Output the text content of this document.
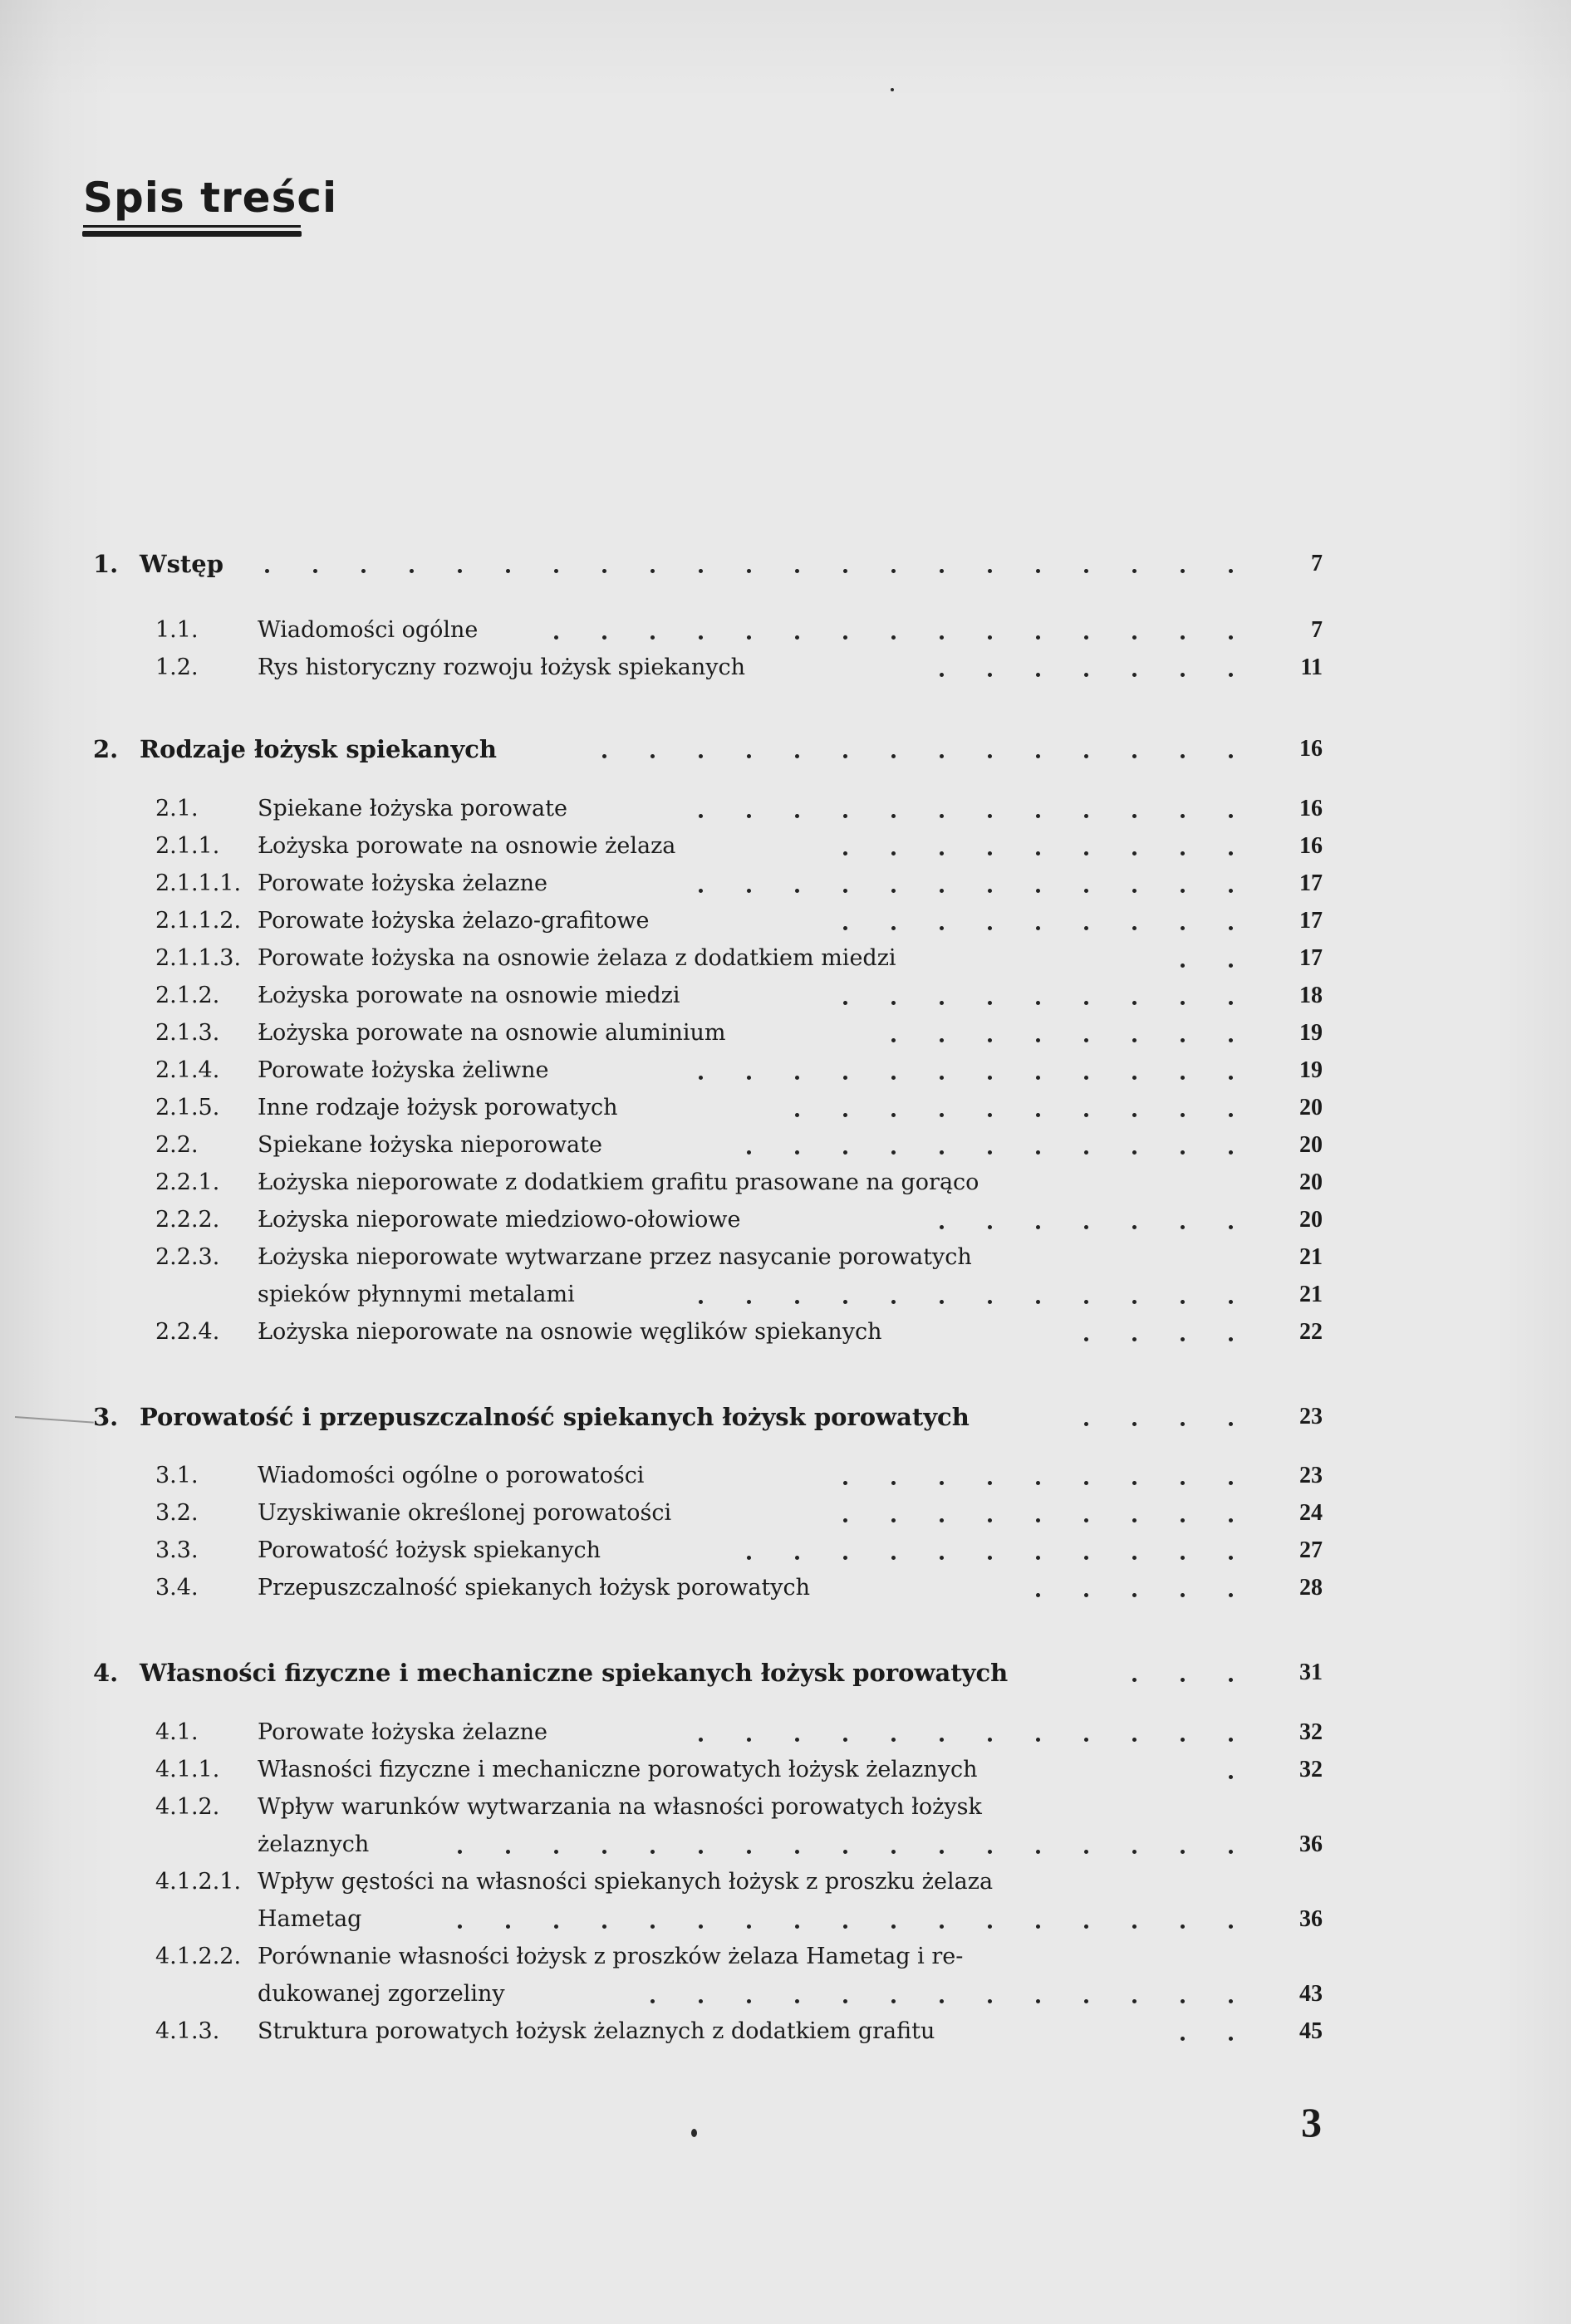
Spis treści
1. Wstęp	7
1.1.	Wiadomości ogólne	7
1.2.	Rys historyczny rozwoju łożysk spiekanych	11
2. Rodzaje łożysk spiekanych	16
2.1.	Spiekane łożyska porowate	16
2.1.1. Łożyska porowate na osnowie żelaza	16
2.1.1.1. Porowate łożyska żelazne	17
2.1.1.2. Porowate łożyska żelazo-grafitowe	17
2.1.1.3. Porowate łożyska na osnowie żelaza z dodatkiem miedzi	17
2.1.2. Łożyska porowate na osnowie miedzi	18
2.1.3. Łożyska porowate na osnowie aluminium	19
2.1.4. Porowate łożyska żeliwne	19
2.1.5. Inne rodzaje łożysk porowatych	20
2.2.	Spiekane łożyska nieporowate	20
2.2.1. Łożyska nieporowate z dodatkiem grafitu prasowane na gorąco	20
2.2.2. Łożyska nieporowate miedziowo-ołowiowe	20
2.2.3. Łożyska nieporowate wytwarzane przez nasycanie porowatych	21
spieków płynnymi metalami	21
2.2.4. Łożyska nieporowate na osnowie węglików spiekanych	22
3. Porowatość i przepuszczalność spiekanych łożysk porowatych	23
3.1.	Wiadomości ogólne o porowatości	23
3.2.	Uzyskiwanie określonej porowatości	24
3.3.	Porowatość łożysk spiekanych	27
3.4.	Przepuszczalność spiekanych łożysk porowatych	28
4. Własności fizyczne i mechaniczne spiekanych łożysk porowatych	31
4.1.	Porowate łożyska żelazne	32
4.1.1. Własności fizyczne i mechaniczne porowatych łożysk żelaznych	32
4.1.2. Wpływ warunków wytwarzania na własności porowatych łożysk
żelaznych	36
4.1.2.1. Wpływ gęstości na własności spiekanych łożysk z proszku żelaza
Hametag	36
4.1.2.2. Porównanie własności łożysk z proszków żelaza Hametag i re-
dukowanej zgorzeliny	43
4.1.3. Struktura porowatych łożysk żelaznych z dodatkiem grafitu	45
3
